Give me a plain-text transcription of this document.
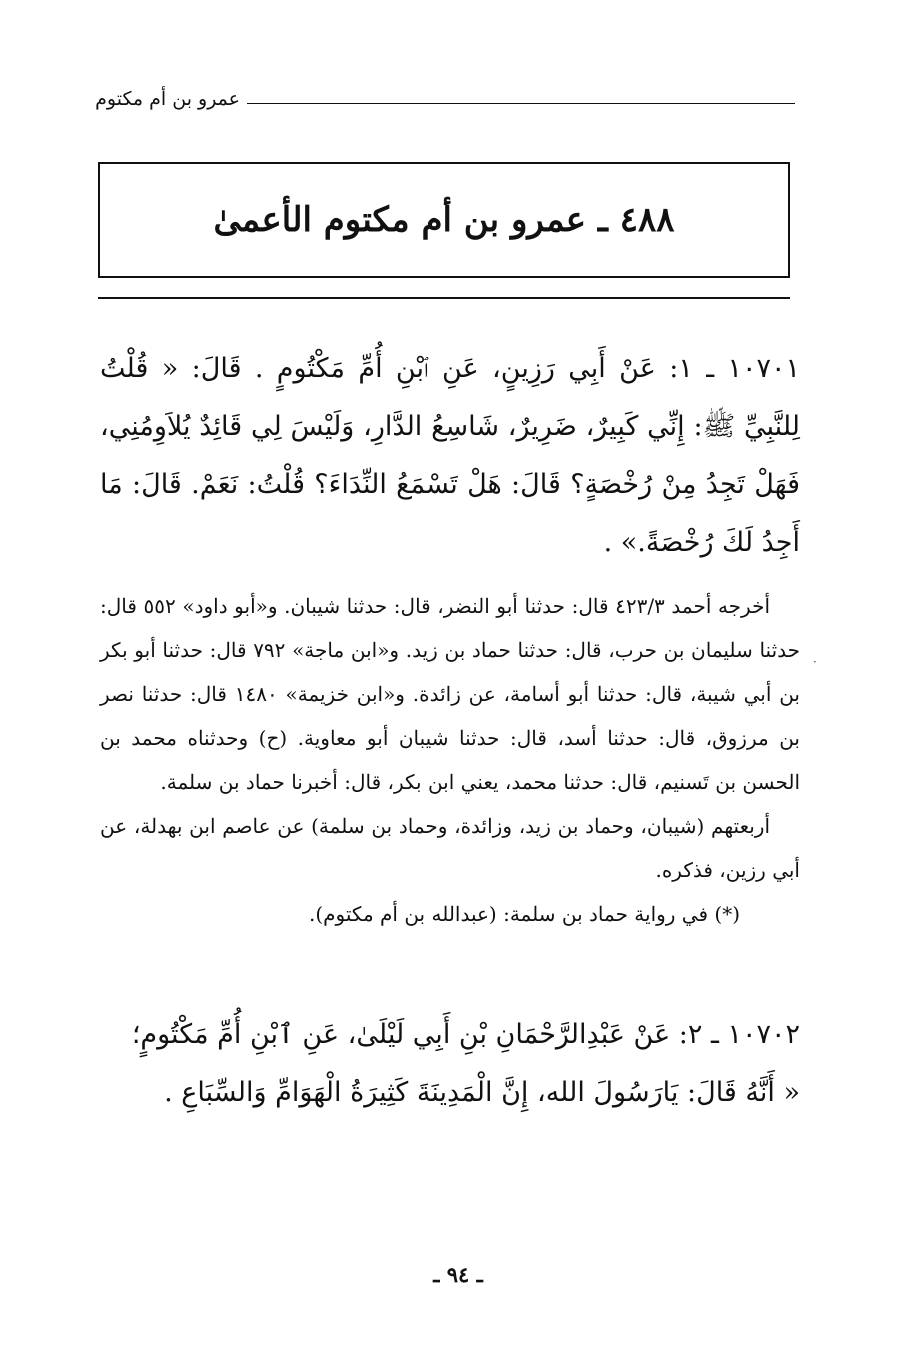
عمرو بن أم مكتوم
٤٨٨ ـ عمرو بن أم مكتوم الأعمىٰ
·

١٠٧٠١ ـ ١: عَنْ أَبِي رَزِينٍ، عَنِ ٱبْنِ أُمِّ مَكْتُومٍ . قَالَ: « قُلْتُ لِلنَّبِيِّ ﷺ: إِنِّي كَبِيرٌ، ضَرِيرٌ، شَاسِعُ الدَّارِ، وَلَيْسَ لِي قَائِدٌ يُلاَوِمُنِي، فَهَلْ تَجِدُ مِنْ رُخْصَةٍ؟ قَالَ: هَلْ تَسْمَعُ النِّدَاءَ؟ قُلْتُ: نَعَمْ. قَالَ: مَا أَجِدُ لَكَ رُخْصَةً.» .

أخرجه أحمد ٤٢٣/٣ قال: حدثنا أبو النضر، قال: حدثنا شيبان. و«أبو داود» ٥٥٢ قال: حدثنا سليمان بن حرب، قال: حدثنا حماد بن زيد. و«ابن ماجة» ٧٩٢ قال: حدثنا أبو بكر بن أبي شيبة، قال: حدثنا أبو أسامة، عن زائدة. و«ابن خزيمة» ١٤٨٠ قال: حدثنا نصر بن مرزوق، قال: حدثنا أسد، قال: حدثنا شيبان أبو معاوية. (ح) وحدثناه محمد بن الحسن بن تَسنيم، قال: حدثنا محمد، يعني ابن بكر، قال: أخبرنا حماد بن سلمة.

أربعتهم (شيبان، وحماد بن زيد، وزائدة، وحماد بن سلمة) عن عاصم ابن بهدلة، عن أبي رزين، فذكره.

(*) في رواية حماد بن سلمة: (عبدالله بن أم مكتوم).

١٠٧٠٢ ـ ٢: عَنْ عَبْدِالرَّحْمَانِ بْنِ أَبِي لَيْلَىٰ، عَنِ ٱبْنِ أُمِّ مَكْتُومٍ؛
« أَنَّهُ قَالَ: يَارَسُولَ الله، إِنَّ الْمَدِينَةَ كَثِيرَةُ الْهَوَامِّ وَالسِّبَاعِ .

ـ ٩٤ ـ
